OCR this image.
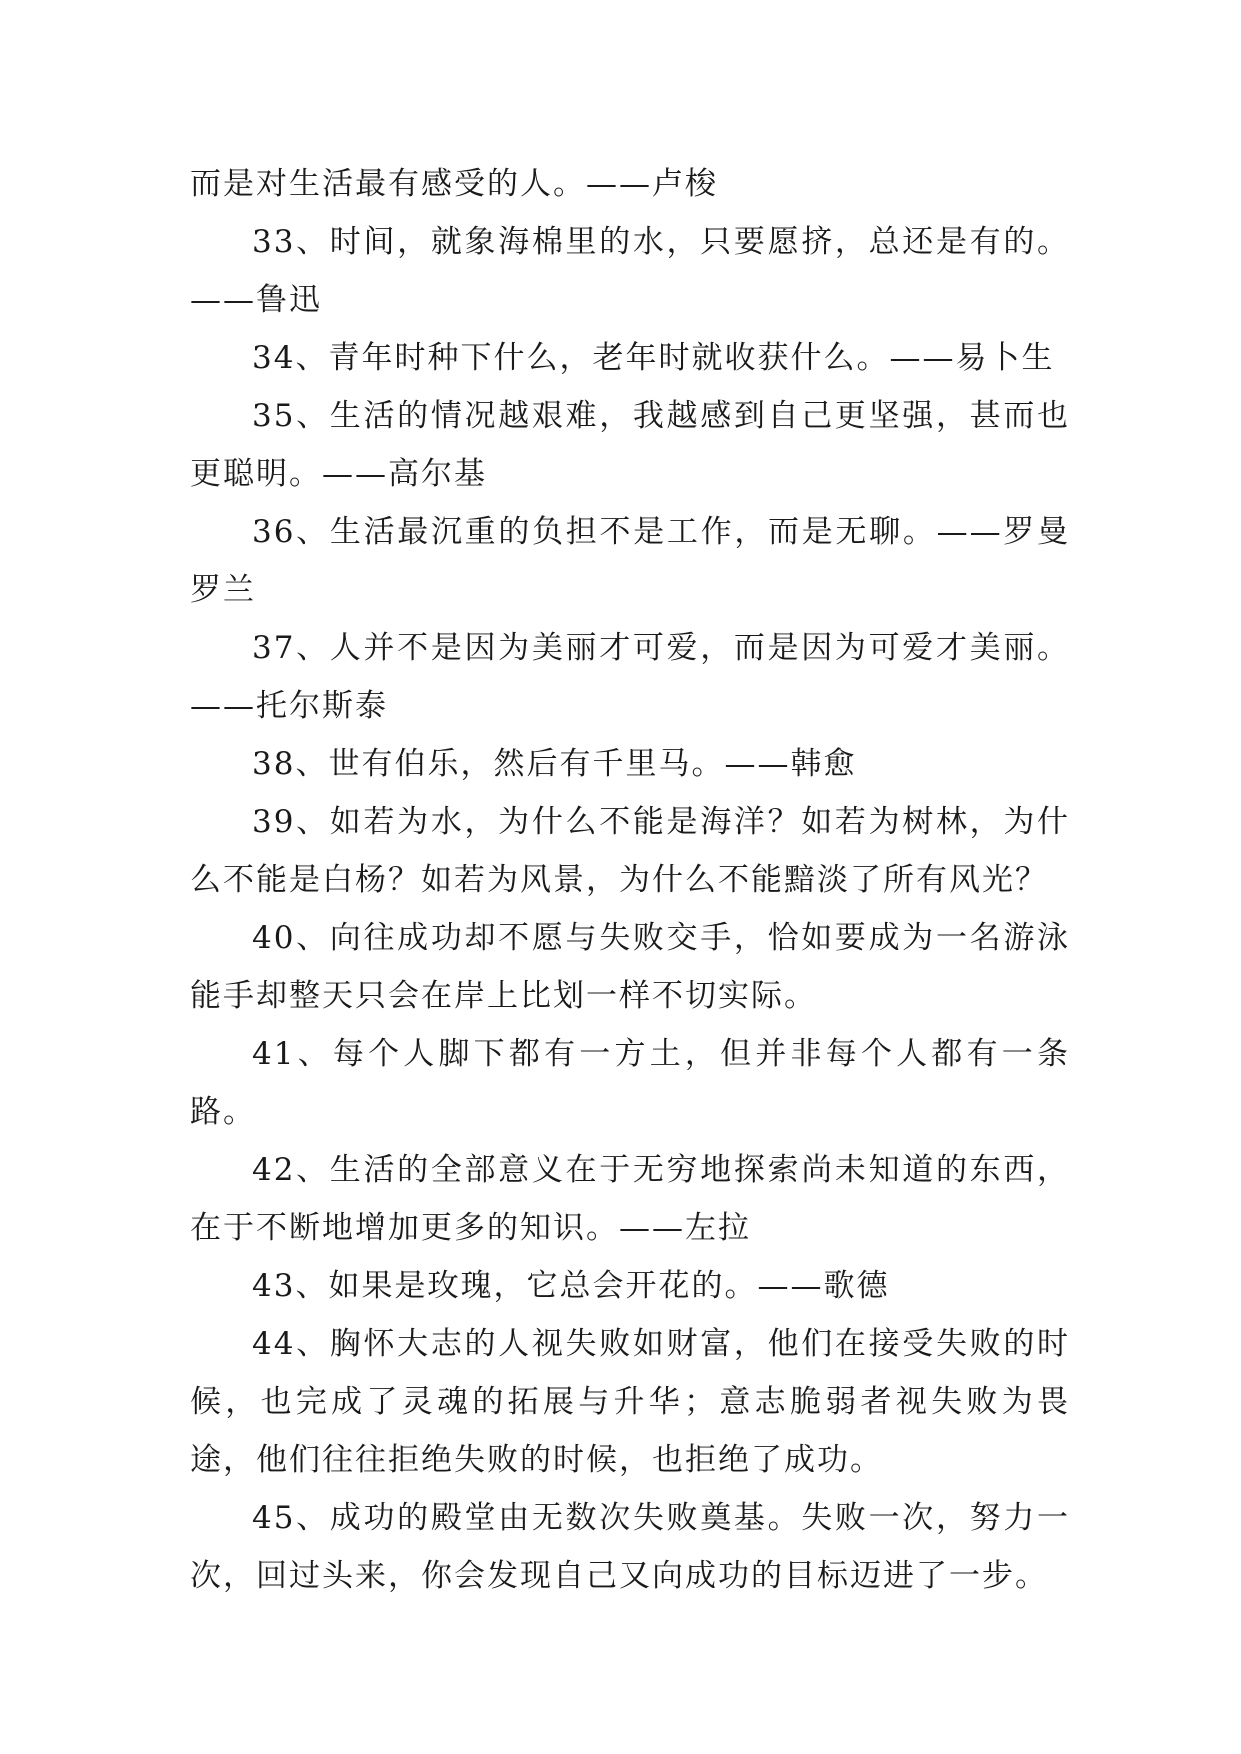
而是对生活最有感受的人。——卢梭

33、时间，就象海棉里的水，只要愿挤，总还是有的。——鲁迅

34、青年时种下什么，老年时就收获什么。——易卜生

35、生活的情况越艰难，我越感到自己更坚强，甚而也更聪明。——高尔基

36、生活最沉重的负担不是工作，而是无聊。——罗曼罗兰

37、人并不是因为美丽才可爱，而是因为可爱才美丽。——托尔斯泰

38、世有伯乐，然后有千里马。——韩愈

39、如若为水，为什么不能是海洋？如若为树林，为什么不能是白杨？如若为风景，为什么不能黯淡了所有风光？

40、向往成功却不愿与失败交手，恰如要成为一名游泳能手却整天只会在岸上比划一样不切实际。

41、每个人脚下都有一方土，但并非每个人都有一条路。

42、生活的全部意义在于无穷地探索尚未知道的东西，在于不断地增加更多的知识。——左拉

43、如果是玫瑰，它总会开花的。——歌德

44、胸怀大志的人视失败如财富，他们在接受失败的时候，也完成了灵魂的拓展与升华；意志脆弱者视失败为畏途，他们往往拒绝失败的时候，也拒绝了成功。

45、成功的殿堂由无数次失败奠基。失败一次，努力一次，回过头来，你会发现自己又向成功的目标迈进了一步。
